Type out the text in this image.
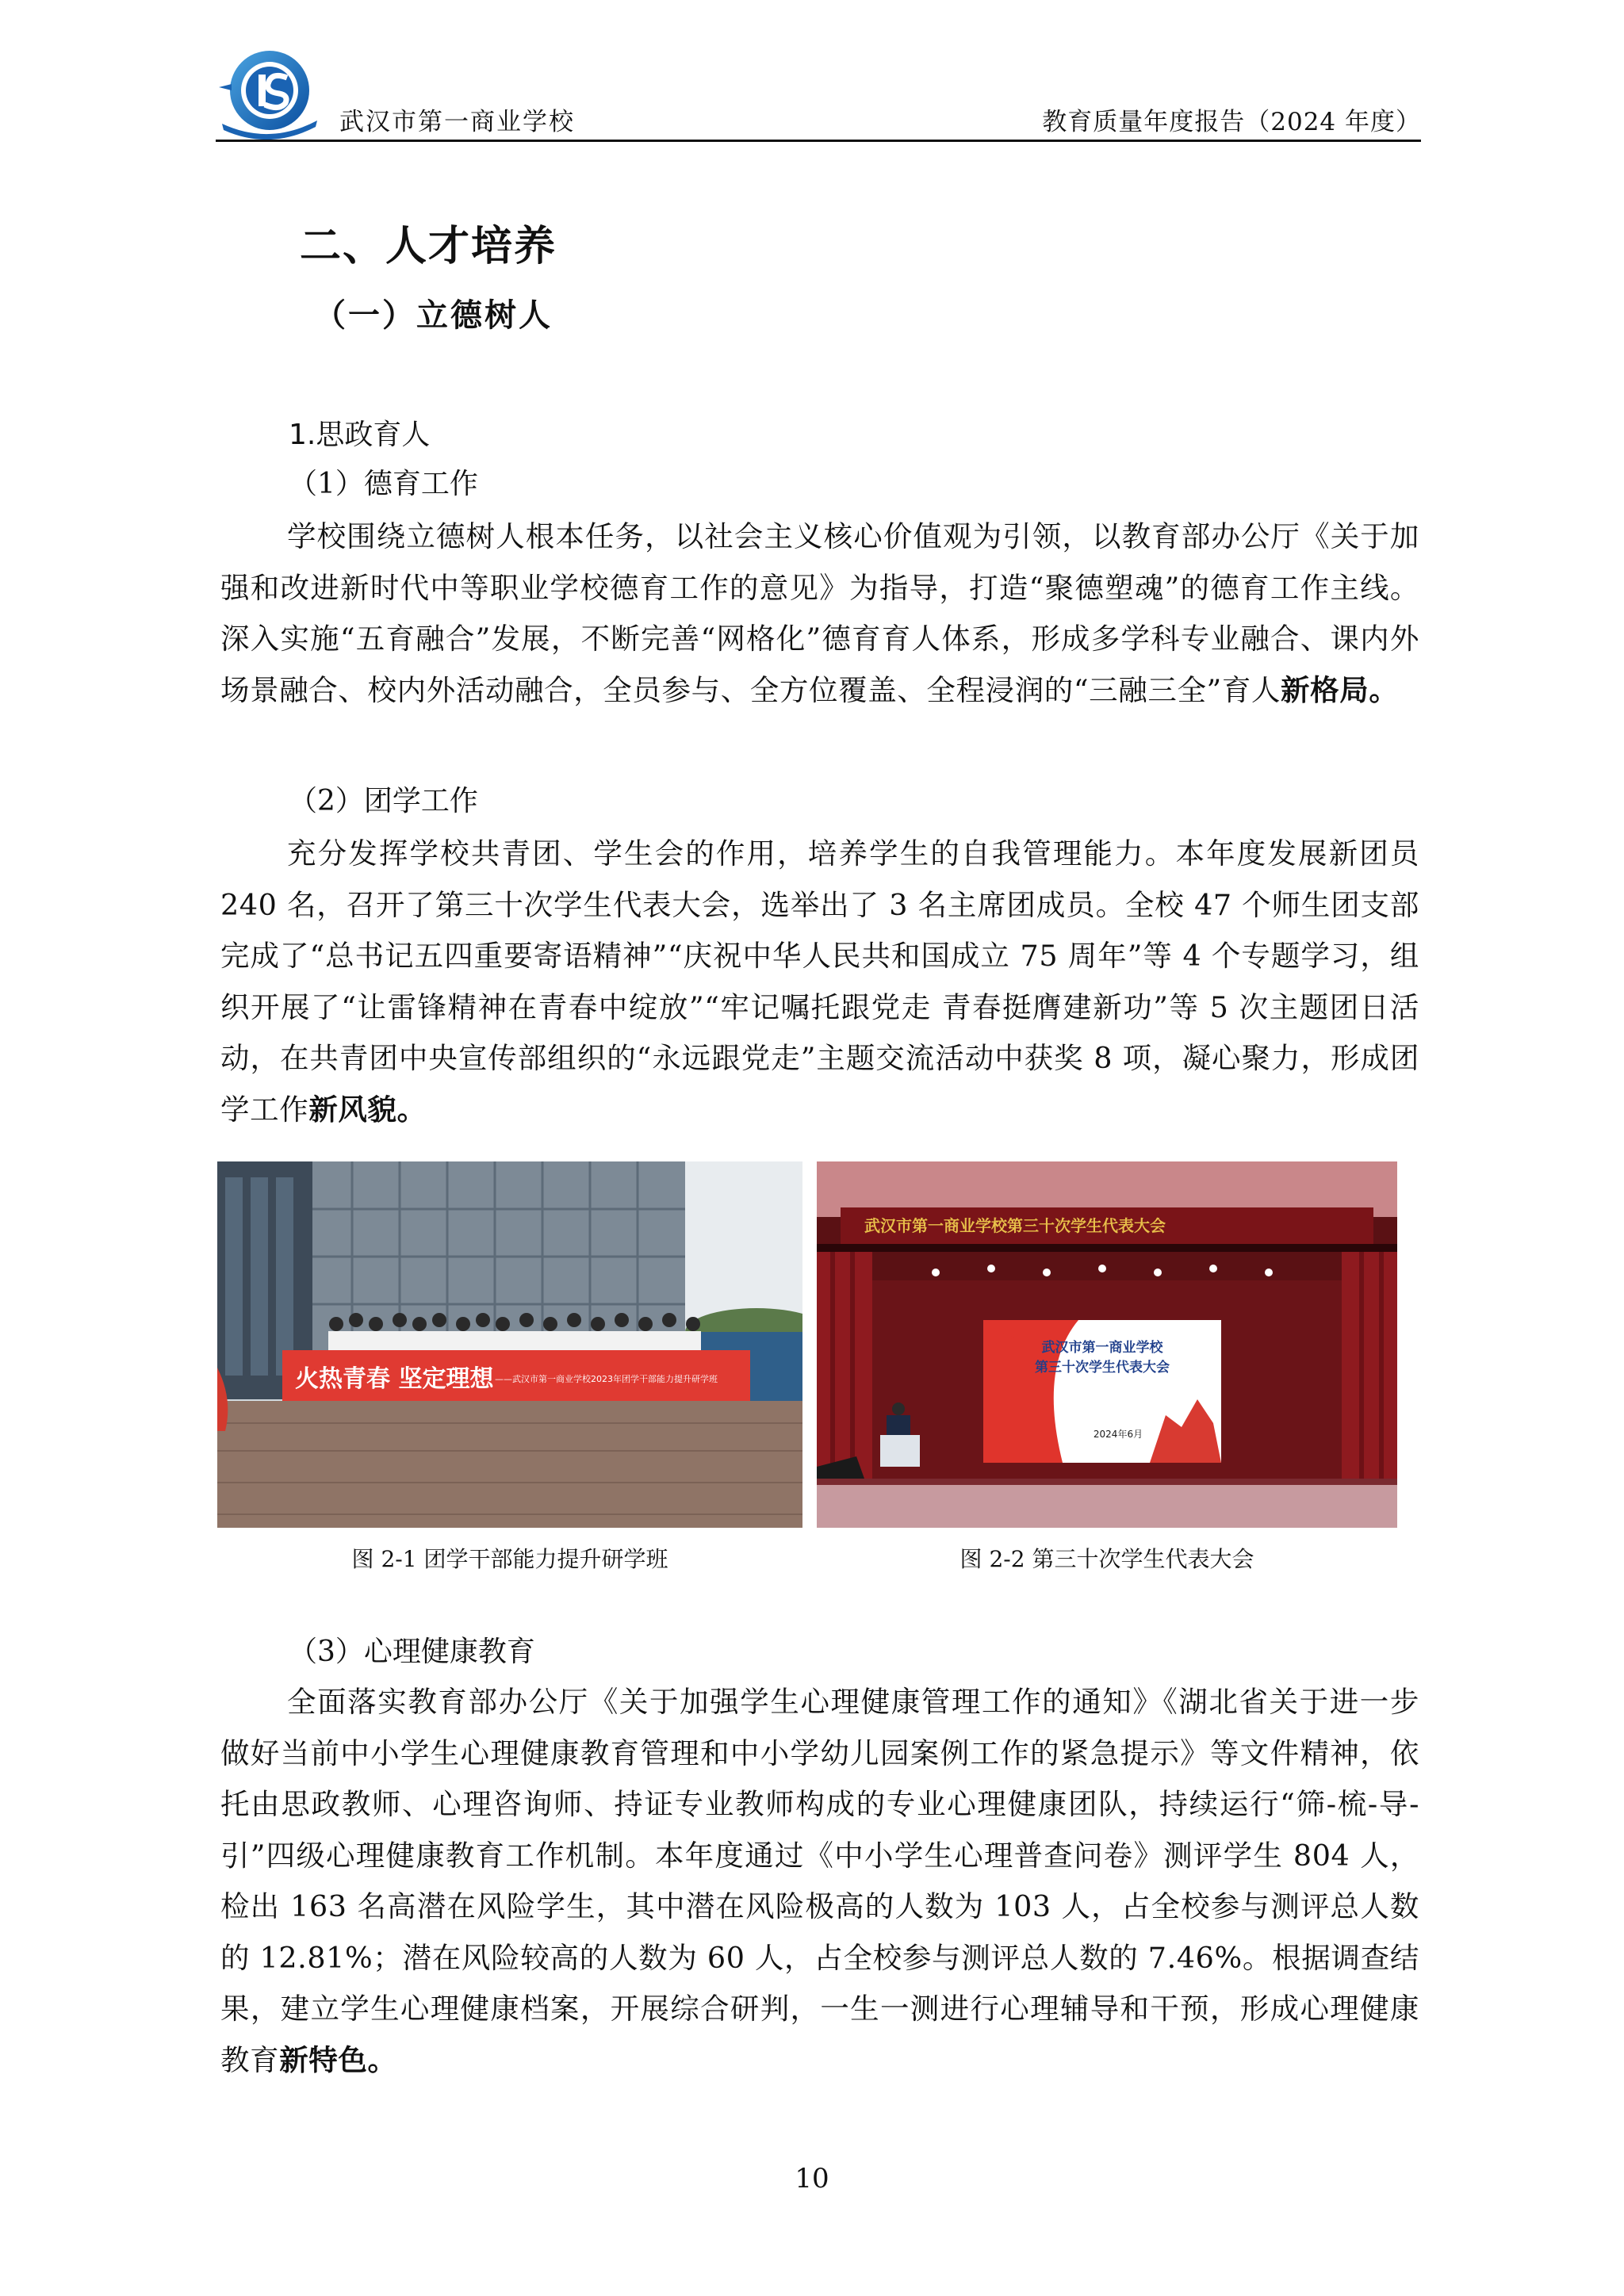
武汉市第一商业学校	教育质量年度报告（2024 年度）
二、人才培养
（一）立德树人
1.思政育人
（1）德育工作
学校围绕立德树人根本任务，以社会主义核心价值观为引领，以教育部办公厅《关于加强和改进新时代中等职业学校德育工作的意见》为指导，打造“聚德塑魂”的德育工作主线。深入实施“五育融合”发展，不断完善“网格化”德育育人体系，形成多学科专业融合、课内外场景融合、校内外活动融合，全员参与、全方位覆盖、全程浸润的“三融三全”育人新格局。
（2）团学工作
充分发挥学校共青团、学生会的作用，培养学生的自我管理能力。本年度发展新团员 240 名，召开了第三十次学生代表大会，选举出了 3 名主席团成员。全校 47 个师生团支部完成了“总书记五四重要寄语精神”“庆祝中华人民共和国成立 75 周年”等 4 个专题学习，组织开展了“让雷锋精神在青春中绽放”“牢记嘱托跟党走 青春挺膺建新功”等 5 次主题团日活动，在共青团中央宣传部组织的“永远跟党走”主题交流活动中获奖 8 项，凝心聚力，形成团学工作新风貌。
（3）心理健康教育
全面落实教育部办公厅《关于加强学生心理健康管理工作的通知》《湖北省关于进一步做好当前中小学生心理健康教育管理和中小学幼儿园案例工作的紧急提示》等文件精神，依托由思政教师、心理咨询师、持证专业教师构成的专业心理健康团队，持续运行“筛-梳-导-引”四级心理健康教育工作机制。本年度通过《中小学生心理普查问卷》测评学生 804 人，检出 163 名高潜在风险学生，其中潜在风险极高的人数为 103 人，占全校参与测评总人数的 12.81%；潜在风险较高的人数为 60 人，占全校参与测评总人数的 7.46%。根据调查结果，建立学生心理健康档案，开展综合研判，一生一测进行心理辅导和干预，形成心理健康教育新特色。
火热青春 坚定理想 ——武汉市第一商业学校2023年团学干部能力提升研学班
图 2-1 团学干部能力提升研学班
武汉市第一商业学校第三十次学生代表大会
武汉市第一商业学校
第三十次学生代表大会
2024年6月
图 2-2 第三十次学生代表大会
10
